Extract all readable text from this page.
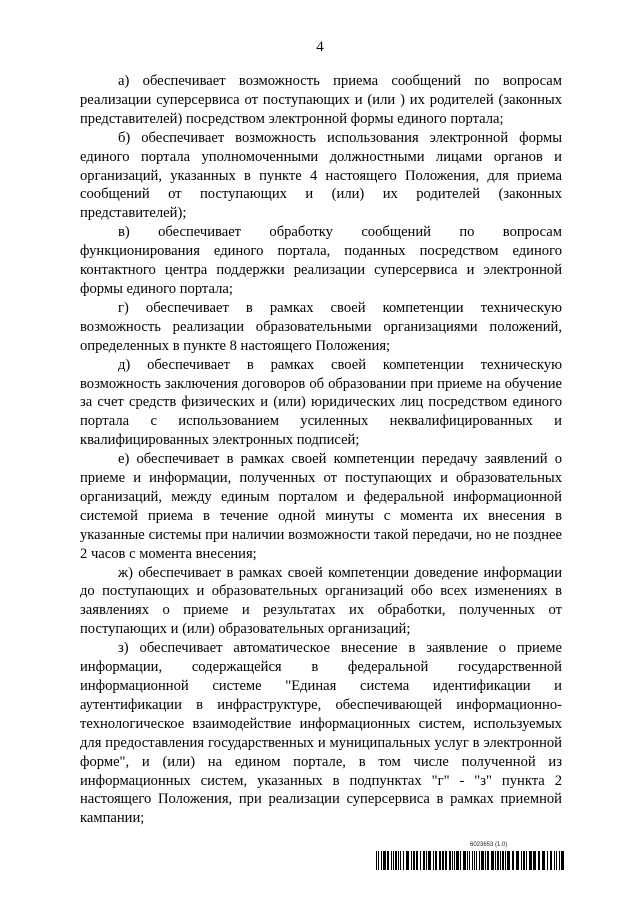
4

а) обеспечивает возможность приема сообщений по вопросам реализации суперсервиса от поступающих и (или ) их родителей (законных представителей) посредством электронной формы единого портала;

б) обеспечивает возможность использования электронной формы единого портала уполномоченными должностными лицами органов и организаций, указанных в пункте 4 настоящего Положения, для приема сообщений от поступающих и (или) их родителей (законных представителей);

в) обеспечивает обработку сообщений по вопросам функционирования единого портала, поданных посредством единого контактного центра поддержки реализации суперсервиса и электронной формы единого портала;

г) обеспечивает в рамках своей компетенции техническую возможность реализации образовательными организациями положений, определенных в пункте 8 настоящего Положения;

д) обеспечивает в рамках своей компетенции техническую возможность заключения договоров об образовании при приеме на обучение за счет средств физических и (или) юридических лиц посредством единого портала с использованием усиленных неквалифицированных и квалифицированных электронных подписей;

е) обеспечивает в рамках своей компетенции передачу заявлений о приеме и информации, полученных от поступающих и образовательных организаций, между единым порталом и федеральной информационной системой приема в течение одной минуты с момента их внесения в указанные системы при наличии возможности такой передачи, но не позднее 2 часов с момента внесения;

ж) обеспечивает в рамках своей компетенции доведение информации до поступающих и образовательных организаций обо всех изменениях в заявлениях о приеме и результатах их обработки, полученных от поступающих и (или) образовательных организаций;

з) обеспечивает автоматическое внесение в заявление о приеме информации, содержащейся в федеральной государственной информационной системе "Единая система идентификации и аутентификации в инфраструктуре, обеспечивающей информационно-технологическое взаимодействие информационных систем, используемых для предоставления государственных и муниципальных услуг в электронной форме", и (или) на едином портале, в том числе полученной из информационных систем, указанных в подпунктах "г" - "з" пункта 2 настоящего Положения, при реализации суперсервиса в рамках приемной кампании;

6023653 (1.0)
